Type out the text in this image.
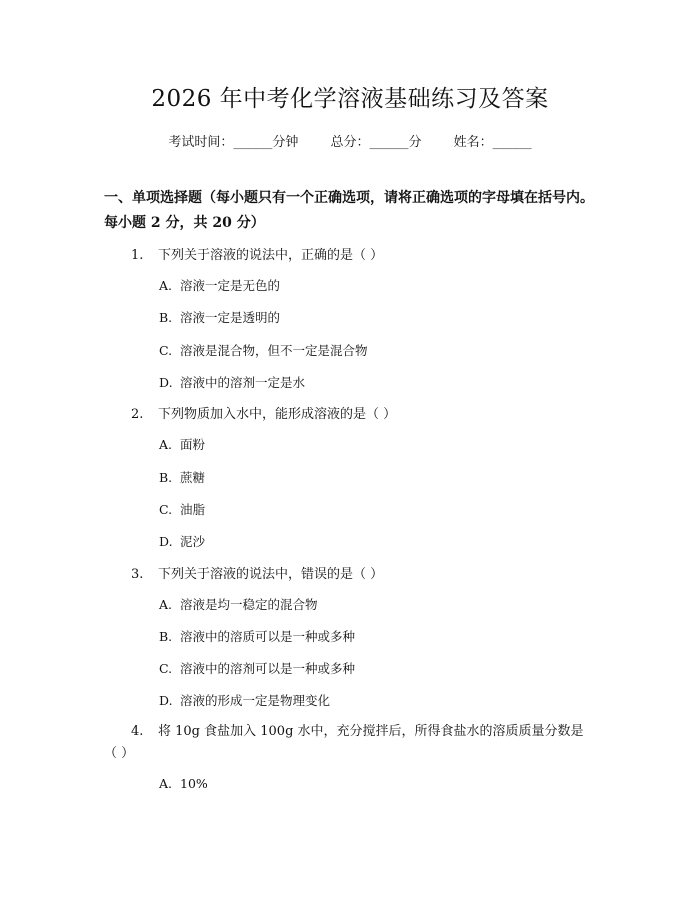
2026 年中考化学溶液基础练习及答案
考试时间：______分钟 总分：______分 姓名：______
一、单项选择题（每小题只有一个正确选项，请将正确选项的字母填在括号内。每小题 2 分，共 20 分）
1. 下列关于溶液的说法中，正确的是（ ）
A. 溶液一定是无色的
B. 溶液一定是透明的
C. 溶液是混合物，但不一定是混合物
D. 溶液中的溶剂一定是水
2. 下列物质加入水中，能形成溶液的是（ ）
A. 面粉
B. 蔗糖
C. 油脂
D. 泥沙
3. 下列关于溶液的说法中，错误的是（ ）
A. 溶液是均一稳定的混合物
B. 溶液中的溶质可以是一种或多种
C. 溶液中的溶剂可以是一种或多种
D. 溶液的形成一定是物理变化
4. 将 10g 食盐加入 100g 水中，充分搅拌后，所得食盐水的溶质质量分数是（ ）
A. 10%
